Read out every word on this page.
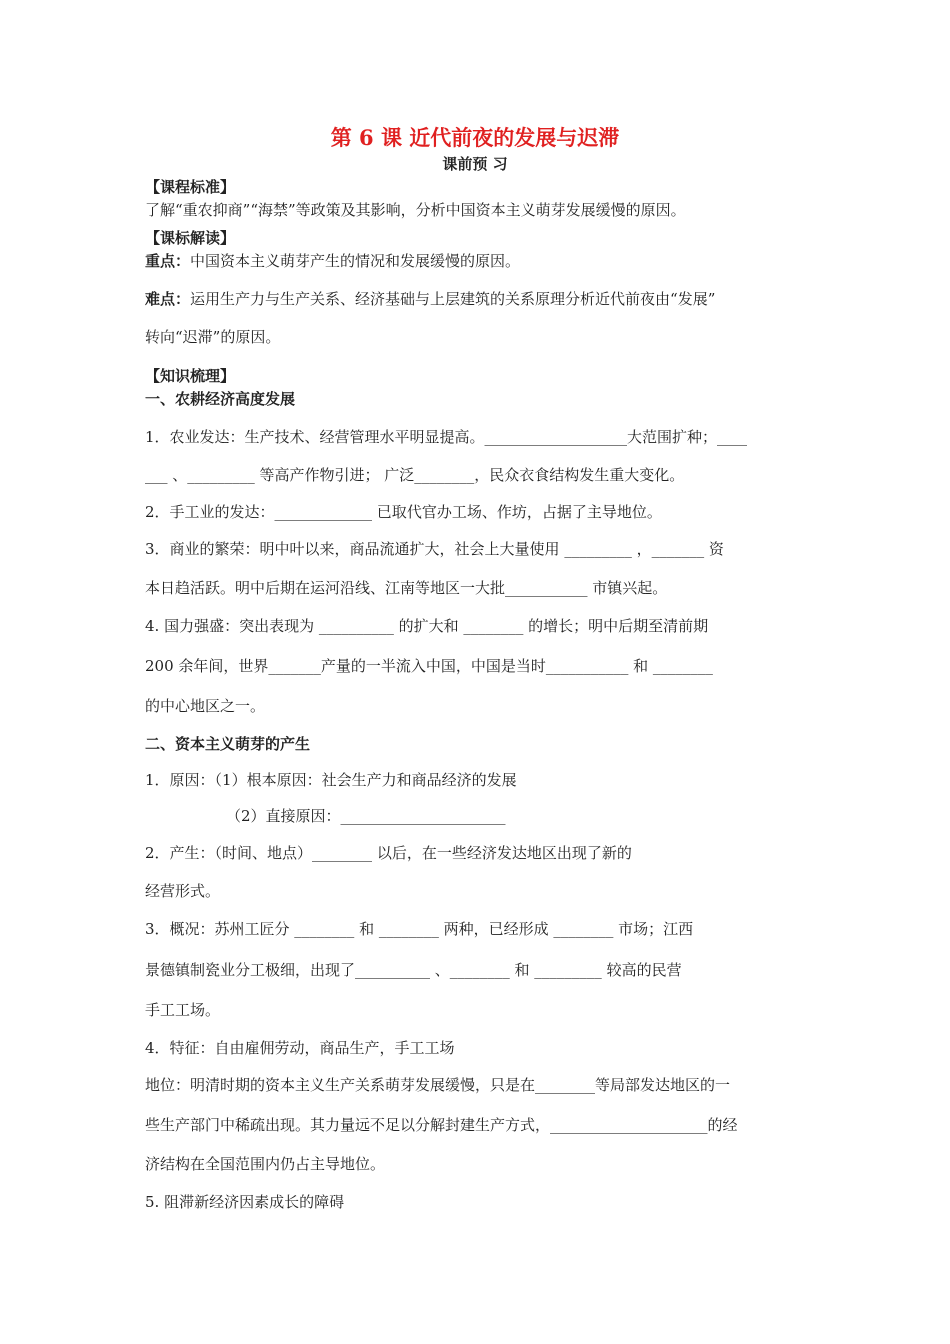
第 6 课 近代前夜的发展与迟滞
课前预 习
【课程标准】
了解“重农抑商”“海禁”等政策及其影响，分析中国资本主义萌芽发展缓慢的原因。
【课标解读】
重点：中国资本主义萌芽产生的情况和发展缓慢的原因。
难点：运用生产力与生产关系、经济基础与上层建筑的关系原理分析近代前夜由“发展”
转向“迟滞”的原因。
【知识梳理】
一、农耕经济高度发展
1．农业发达：生产技术、经营管理水平明显提高。___________________大范围扩种；____
___ 、_________ 等高产作物引进； 广泛________，民众衣食结构发生重大变化。
2．手工业的发达：_____________ 已取代官办工场、作坊，占据了主导地位。
3．商业的繁荣：明中叶以来，商品流通扩大，社会上大量使用 _________ ，_______ 资
本日趋活跃。明中后期在运河沿线、江南等地区一大批___________ 市镇兴起。
4. 国力强盛：突出表现为 __________ 的扩大和 ________ 的增长；明中后期至清前期
200 余年间，世界_______产量的一半流入中国，中国是当时___________ 和 ________
的中心地区之一。
二、资本主义萌芽的产生
1．原因：（1）根本原因：社会生产力和商品经济的发展
（2）直接原因：______________________
2．产生：（时间、地点）________ 以后，在一些经济发达地区出现了新的
经营形式。
3．概况：苏州工匠分 ________ 和 ________ 两种，已经形成 ________ 市场；江西
景德镇制瓷业分工极细，出现了__________ 、________ 和 _________ 较高的民营
手工工场。
4．特征：自由雇佣劳动，商品生产，手工工场
地位：明清时期的资本主义生产关系萌芽发展缓慢，只是在________等局部发达地区的一
些生产部门中稀疏出现。其力量远不足以分解封建生产方式，_____________________的经
济结构在全国范围内仍占主导地位。
5. 阻滞新经济因素成长的障碍
